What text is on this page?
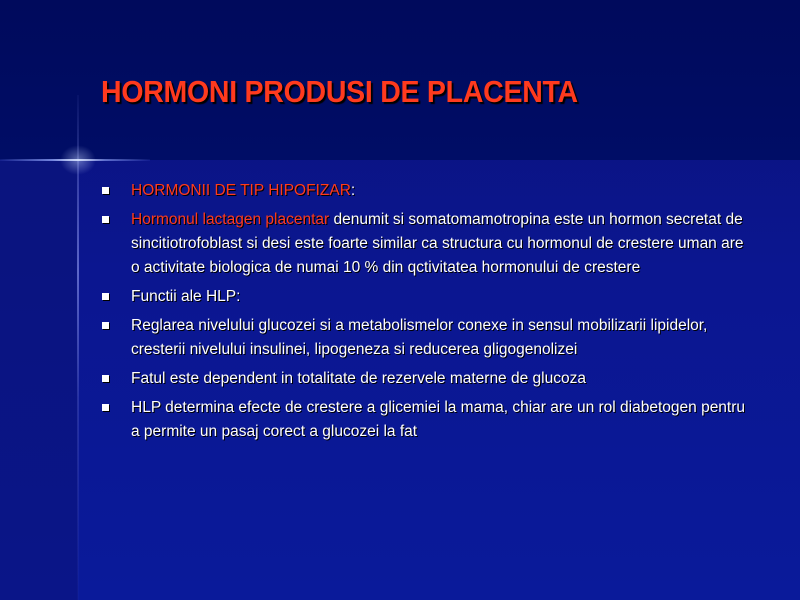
HORMONI PRODUSI DE PLACENTA
HORMONII DE TIP HIPOFIZAR:
Hormonul lactagen placentar denumit si somatomamotropina este un hormon secretat de sincitiotrofoblast si desi este foarte similar ca structura cu hormonul de crestere uman are o activitate biologica de numai 10 % din qctivitatea hormonului de crestere
Functii ale HLP:
Reglarea nivelului glucozei si a metabolismelor conexe in sensul mobilizarii lipidelor, cresterii nivelului insulinei, lipogeneza si reducerea gligogenolizei
Fatul este dependent in totalitate de rezervele materne de glucoza
HLP determina efecte de crestere a glicemiei la mama, chiar are un rol diabetogen pentru a permite un pasaj corect a glucozei la fat
